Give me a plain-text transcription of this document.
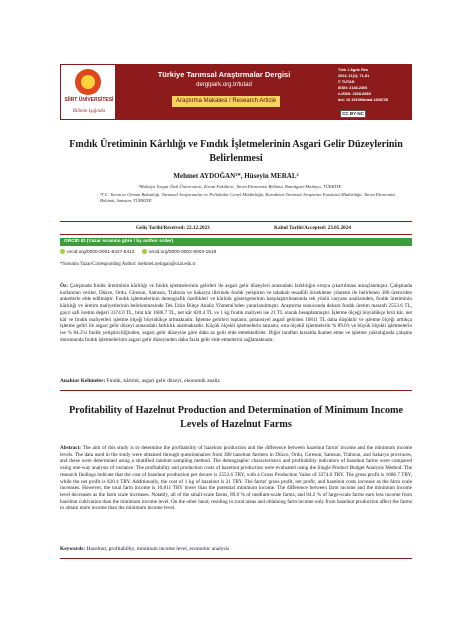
SİİRT ÜNİVERSİTESİ
Bilimin Işığında
Türkiye Tarımsal Araştırmalar Dergisi
dergipark.org.tr/tutad
Araştırma Makalesi / Research Article
Türk J Agric Res
2024, 11(1): 71-81
© TUTAD
ISSN: 2148-2306
e-ISSN: 2528-858X
doi: 10.19159/tutad.1408735
CC BY-NC
Fındık Üretiminin Kârlılığı ve Fındık İşletmelerinin Asgari Gelir Düzeylerinin Belirlenmesi
Mehmet AYDOĞAN¹*, Hüseyin MERAL²
¹Malatya Turgut Özal Üniversitesi, Ziraat Fakültesi, Tarım Ekonomisi Bölümü, Battalgazi-Malatya, TÜRKİYE
²T.C. Tarım ve Orman Bakanlığı, Tarımsal Araştırmalar ve Politikalar Genel Müdürlüğü, Karadeniz Tarımsal Araştırma Enstitüsü Müdürlüğü, Tarım Ekonomisi Bölümü, Samsun, TÜRKİYE
Geliş Tarihi/Received: 22.12.2023	Kabul Tarihi/Accepted: 23.05.2024
ORCID ID (Yazar sırasına göre / by author order)
orcid.org/0000-0001-8427-5412	orcid.org/0000-0002-9003-1518
*Sorumlu Yazar/Corresponding Author: mehmet.aydogan@ozal.edu.tr
Öz: Çalışmada fındık üretiminin kârlılığı ve fındık işletmelerinin gelirleri ile asgari gelir düzeyleri arasındaki farklılığın ortaya çıkartılması amaçlanmıştır. Çalışmada kullanılan veriler, Düzce, Ordu, Giresun, Samsun, Trabzon ve Sakarya illerinde fındık yetiştiren ve tabakalı tesadüfi örnekleme yöntemi ile belirlenen 380 üreticiden anketlerle elde edilmiştir. Fındık işletmelerinin demografik özellikleri ve kârlılık göstergelerinin karşılaştırılmasında tek yönlü varyans analizinden, fındık üretiminin kârlılığı ve üretim maliyetlerinin belirlenmesinde Tek Ürün Bütçe Analiz Yöntemi'nden yararlanılmıştır. Araştırma sonucunda dekara fındık üretim masrafı 2553.6 TL, gayri safi üretim değeri 3374.0 TL, brüt kâr 1686.7 TL, net kâr 820.4 TL ve 1 kg fındık maliyeti ise 21 TL olarak hesaplanmıştır. İşletme ölçeği büyüdükçe brüt kâr, net kâr ve fındık maliyetleri işletme ölçeği büyüdükçe artmaktadır. İşletme gelirleri toplamı, potansiyel asgari gelirden 10811 TL daha düşüktür ve işletme ölçeği arttıkça işletme geliri ile asgari gelir düzeyi arasındaki farklılık azalmaktadır. Küçük ölçekli işletmelerin tamamı, orta ölçekli işletmelerin % 89.0's ve büyük ölçekli işletmelerin ise % 84.2'si fındık yetiştiriciliğinden, asgari gelir düzeyine göre daha az gelir elde etmektedirler. Diğer taraftan kırsalda ikamet etme ve işletme yakınlığında çalışma durumunda fındık işletmelerinin asgari gelir düzeyinden daha fazla gelir elde etmelerini sağlamaktadır.
Anahtar Kelimeler: Fındık, kârlılık, asgari gelir düzeyi, ekonomik analiz
Profitability of Hazelnut Production and Determination of Minimum Income Levels of Hazelnut Farms
Abstract: The aim of this study is to determine the profitability of hazelnut production and the difference between hazelnut farms' income and the minimum income levels. The data used in the study were obtained through questionnaires from 380 hazelnut farmers in Düzce, Ordu, Giresun, Samsun, Trabzon, and Sakarya provinces, and these were determined using a stratified random sampling method. The demographic characteristics and profitability indicators of hazelnut farms were compared using one-way analysis of variance. The profitability and production costs of hazelnut production were evaluated using the Single Product Budget Analysis Method. The research findings indicate that the cost of hazelnut production per decare is 2553.6 TRY, with a Gross Production Value of 3374.0 TRY. The gross profit is 1686.7 TRY, while the net profit is 820.4 TRY. Additionally, the cost of 1 kg of hazelnut is 21 TRY. The farms' gross profit, net profit, and hazelnut costs increase as the farm scale increases. However, the total farm income is 10,811 TRY lower than the potential minimum income. The difference between farm income and the minimum income level decreases as the farm scale increases. Notably, all of the small-scale farms, 89.0 % of medium-scale farms, and 84.2 % of large-scale farms earn less income from hazelnut cultivation than the minimum income level. On the other hand, residing in rural areas and obtaining farm income only from hazelnut production affect the farms to obtain more income than the minimum income level.
Keywords: Hazelnut, profitability, minimum income level, economic analysis
